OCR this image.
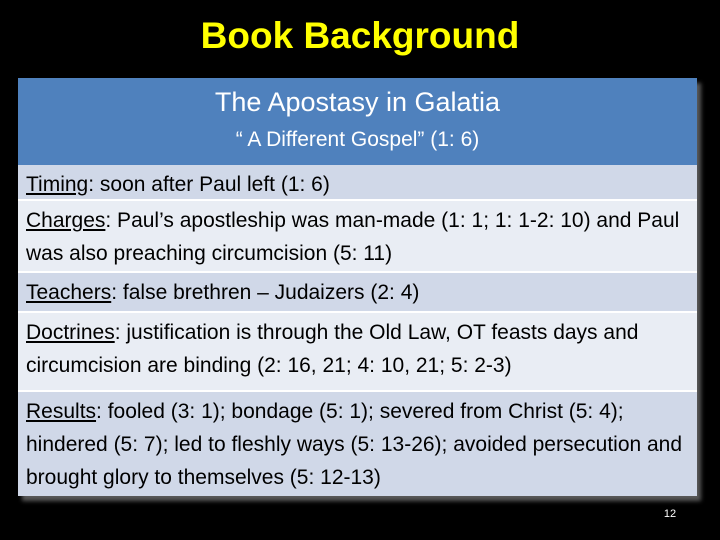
Book Background
The Apostasy in Galatia
“ A Different Gospel” (1: 6)
Timing: soon after Paul left (1: 6)
Charges: Paul’s apostleship was man-made (1: 1; 1: 1-2: 10) and Paul was also preaching circumcision (5: 11)
Teachers: false brethren – Judaizers (2: 4)
Doctrines: justification is through the Old Law, OT feasts days and circumcision are binding (2: 16, 21; 4: 10, 21; 5: 2-3)
Results: fooled (3: 1); bondage (5: 1); severed from Christ (5: 4); hindered (5: 7); led to fleshly ways (5: 13-26); avoided persecution and brought glory to themselves (5: 12-13)
12
